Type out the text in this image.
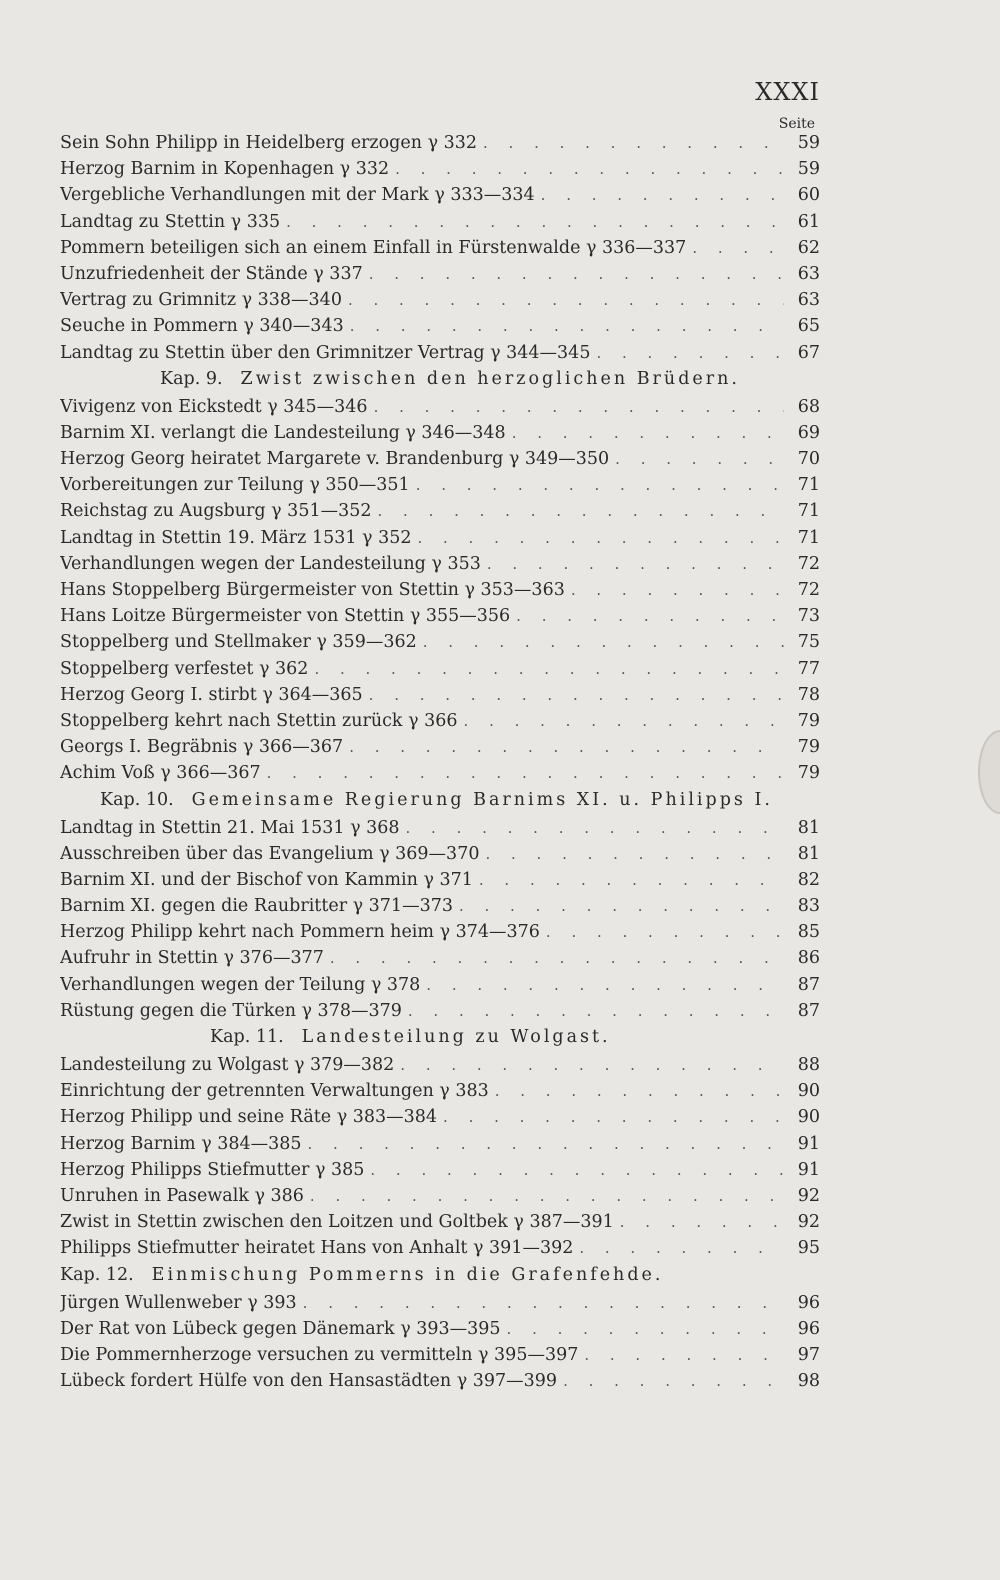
XXXI
Seite
Sein Sohn Philipp in Heidelberg erzogen γ 332 . . .	59
Herzog Barnim in Kopenhagen γ 332 . . .	59
Vergebliche Verhandlungen mit der Mark γ 333—334 . . .	60
Landtag zu Stettin γ 335 . . .	61
Pommern beteiligen sich an einem Einfall in Fürstenwalde γ 336—337 . . .	62
Unzufriedenheit der Stände γ 337 . . .	63
Vertrag zu Grimnitz γ 338—340 . . .	63
Seuche in Pommern γ 340—343 . . .	65
Landtag zu Stettin über den Grimnitzer Vertrag γ 344—345 . . .	67
Kap. 9. Zwist zwischen den herzoglichen Brüdern.
Vivigenz von Eickstedt γ 345—346 . . .	68
Barnim XI. verlangt die Landesteilung γ 346—348 . . .	69
Herzog Georg heiratet Margarete v. Brandenburg γ 349—350 . . .	70
Vorbereitungen zur Teilung γ 350—351 . . .	71
Reichstag zu Augsburg γ 351—352 . . .	71
Landtag in Stettin 19. März 1531 γ 352 . . .	71
Verhandlungen wegen der Landesteilung γ 353 . . .	72
Hans Stoppelberg Bürgermeister von Stettin γ 353—363 . . .	72
Hans Loitze Bürgermeister von Stettin γ 355—356 . . .	73
Stoppelberg und Stellmaker γ 359—362 . . .	75
Stoppelberg verfestet γ 362 . . .	77
Herzog Georg I. stirbt γ 364—365 . . .	78
Stoppelberg kehrt nach Stettin zurück γ 366 . . .	79
Georgs I. Begräbnis γ 366—367 . . .	79
Achim Voß γ 366—367 . . .	79
Kap. 10. Gemeinsame Regierung Barnims XI. u. Philipps I.
Landtag in Stettin 21. Mai 1531 γ 368 . . .	81
Ausschreiben über das Evangelium γ 369—370 . . .	81
Barnim XI. und der Bischof von Kammin γ 371 . . .	82
Barnim XI. gegen die Raubritter γ 371—373 . . .	83
Herzog Philipp kehrt nach Pommern heim γ 374—376 . . .	85
Aufruhr in Stettin γ 376—377 . . .	86
Verhandlungen wegen der Teilung γ 378 . . .	87
Rüstung gegen die Türken γ 378—379 . . .	87
Kap. 11. Landesteilung zu Wolgast.
Landesteilung zu Wolgast γ 379—382 . . .	88
Einrichtung der getrennten Verwaltungen γ 383 . . .	90
Herzog Philipp und seine Räte γ 383—384 . . .	90
Herzog Barnim γ 384—385 . . .	91
Herzog Philipps Stiefmutter γ 385 . . .	91
Unruhen in Pasewalk γ 386 . . .	92
Zwist in Stettin zwischen den Loitzen und Goltbek γ 387—391 . . .	92
Philipps Stiefmutter heiratet Hans von Anhalt γ 391—392 . . .	95
Kap. 12. Einmischung Pommerns in die Grafenfehde.
Jürgen Wullenweber γ 393 . . .	96
Der Rat von Lübeck gegen Dänemark γ 393—395 . . .	96
Die Pommernherzoge versuchen zu vermitteln γ 395—397 . . .	97
Lübeck fordert Hülfe von den Hansastädten γ 397—399 . . .	98
